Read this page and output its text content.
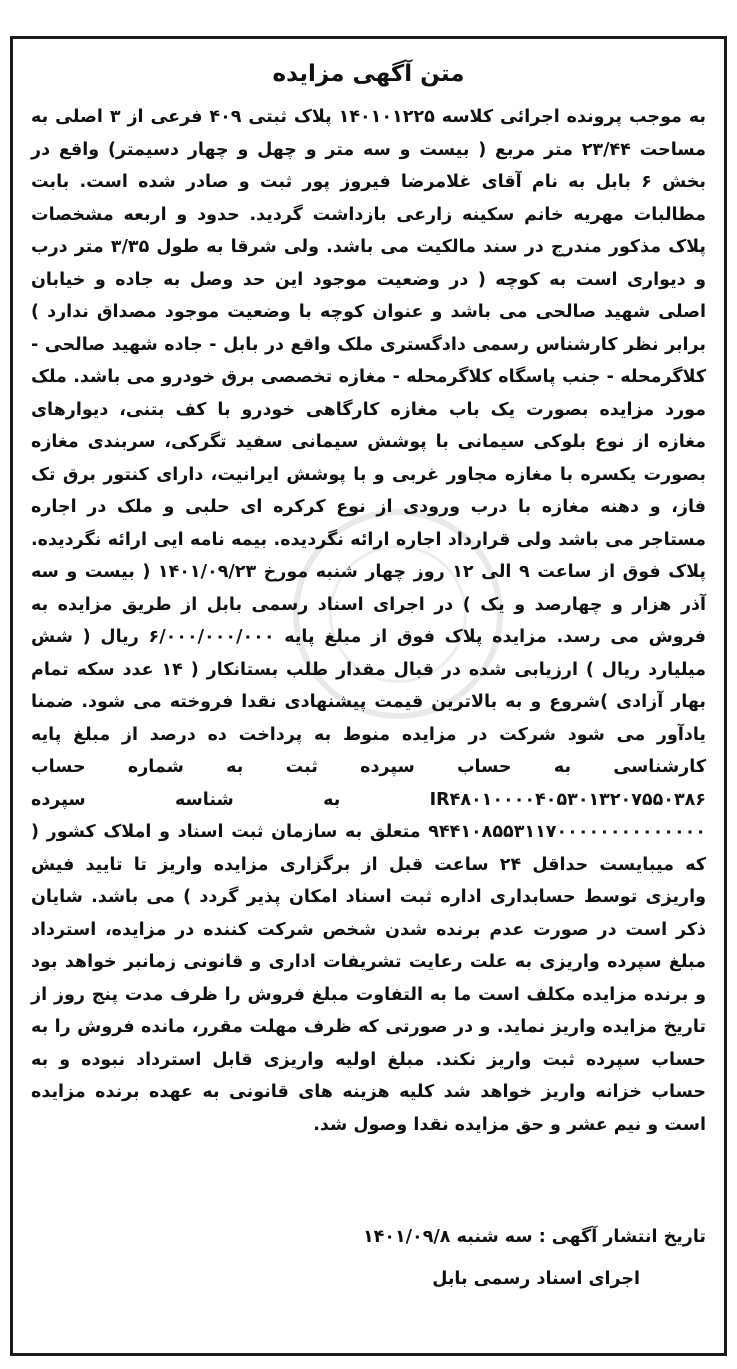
متن آگهی مزایده

به موجب پرونده اجرائی کلاسه ۱۴۰۱۰۱۲۲۵ پلاک ثبتی ۴۰۹ فرعی از ۳ اصلی به مساحت ۲۳/۴۴ متر مربع ( بیست و سه متر و چهل و چهار دسیمتر) واقع در بخش ۶ بابل به نام آقای غلامرضا فیروز پور ثبت و صادر شده است. بابت مطالبات مهریه خانم سکینه زارعی بازداشت گردید. حدود و اربعه مشخصات پلاک مذکور مندرج در سند مالکیت می باشد. ولی شرقا به طول ۳/۳۵ متر درب و دیواری است به کوچه ( در وضعیت موجود این حد وصل به جاده و خیابان اصلی شهید صالحی می باشد و عنوان کوچه با وضعیت موجود مصداق ندارد ) برابر نظر کارشناس رسمی دادگستری ملک واقع در بابل - جاده شهید صالحی - کلاگرمحله - جنب پاسگاه کلاگرمحله - مغازه تخصصی برق خودرو می باشد. ملک مورد مزایده بصورت یک باب مغازه کارگاهی خودرو با کف بتنی، دیوارهای مغازه از نوع بلوکی سیمانی با پوشش سیمانی سفید تگرکی، سربندی مغازه بصورت یکسره با مغازه مجاور غربی و با پوشش ایرانیت، دارای کنتور برق تک فاز، و دهنه مغازه با درب ورودی از نوع کرکره ای حلبی و ملک در اجاره مستاجر می باشد ولی قرارداد اجاره ارائه نگردیده. بیمه نامه ایی ارائه نگردیده. پلاک فوق از ساعت ۹ الی ۱۲ روز چهار شنبه مورخ ۱۴۰۱/۰۹/۲۳ ( بیست و سه آذر هزار و چهارصد و یک ) در اجرای اسناد رسمی بابل از طریق مزایده به فروش می رسد. مزایده پلاک فوق از مبلغ پایه ۶/۰۰۰/۰۰۰/۰۰۰ ریال ( شش میلیارد ریال ) ارزیابی شده در قبال مقدار طلب بستانکار ( ۱۴ عدد سکه تمام بهار آزادی )شروع و به بالاترین قیمت پیشنهادی نقدا فروخته می شود. ضمنا یادآور می شود شرکت در مزایده منوط به پرداخت ده درصد از مبلغ پایه کارشناسی به حساب سپرده ثبت به شماره حساب IR۴۸۰۱۰۰۰۰۴۰۵۳۰۱۳۲۰۷۵۵۰۳۸۶ به شناسه سپرده ۹۴۴۱۰۸۵۵۳۱۱۷۰۰۰۰۰۰۰۰۰۰۰۰۰۰ متعلق به سازمان ثبت اسناد و املاک کشور ( که میبایست حداقل ۲۴ ساعت قبل از برگزاری مزایده واریز تا تایید فیش واریزی توسط حسابداری اداره ثبت اسناد امکان پذیر گردد ) می باشد. شایان ذکر است در صورت عدم برنده شدن شخص شرکت کننده در مزایده، استرداد مبلغ سپرده واریزی به علت رعایت تشریفات اداری و قانونی زمانبر خواهد بود و برنده مزایده مکلف است ما به التفاوت مبلغ فروش را ظرف مدت پنج روز از تاریخ مزایده واریز نماید. و در صورتی که ظرف مهلت مقرر، مانده فروش را به حساب سپرده ثبت واریز نکند. مبلغ اولیه واریزی قابل استرداد نبوده و به حساب خزانه واریز خواهد شد کلیه هزینه های قانونی به عهده برنده مزایده است و نیم عشر و حق مزایده نقدا وصول شد.

تاریخ انتشار آگهی : سه شنبه ۱۴۰۱/۰۹/۸

اجرای اسناد رسمی بابل
